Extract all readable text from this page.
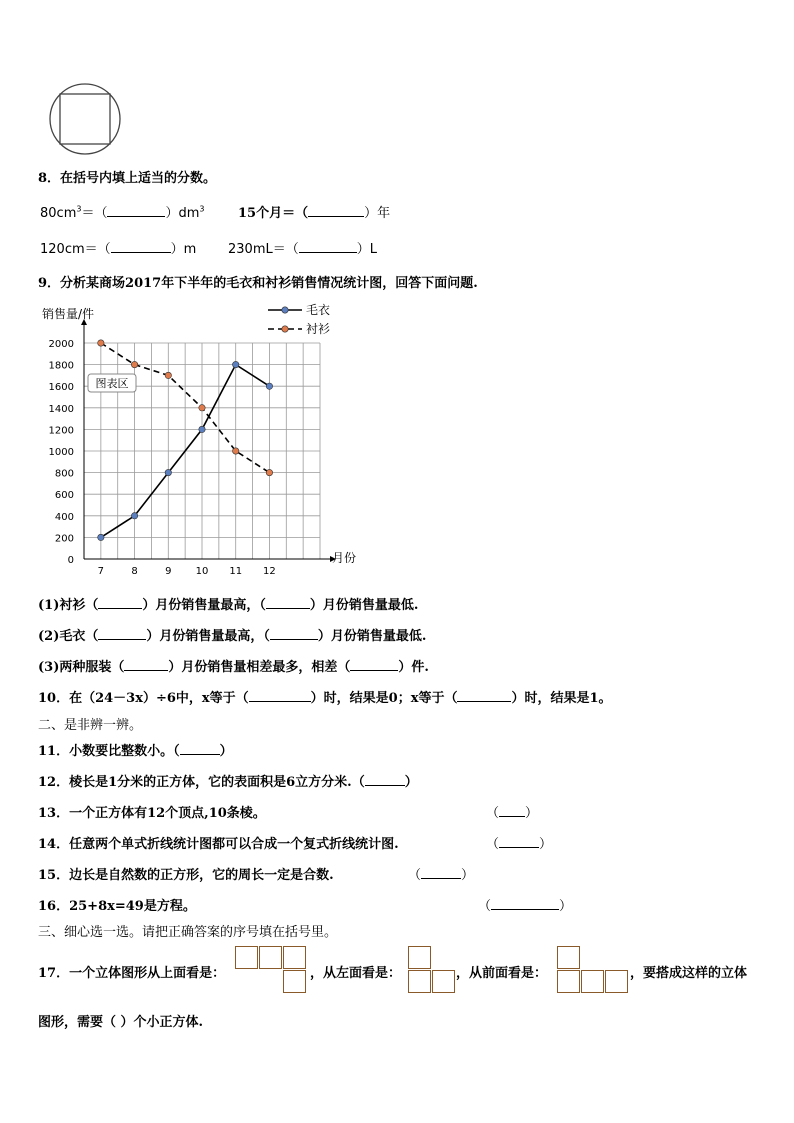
8．在括号内填上适当的分数。
$80cm^3=$（	）$dm^3$	15个月＝（	）年
120cm＝（	）m 230mL＝（	）L
9．分析某商场2017年下半年的毛衣和衬衫销售情况统计图，回答下面问题.
0
200
400
600
800
1000
1200
1400
1600
1800
2000
7	8	9 10 11 12
销售量/件
月份
图表区
毛衣
衬衫
(1)衬衫（	）月份销售量最高，（	）月份销售量最低.
(2)毛衣（	）月份销售量最高，（	）月份销售量最低.
(3)两种服装（	）月份销售量相差最多，相差（	）件.
10．在（24－3x）÷6中，x等于（	）时，结果是0；x等于（	）时，结果是1。
二、是非辨一辨。
11．小数要比整数小。（	）
12．棱长是1分米的正方体，它的表面积是6立方分米.（	）
13．一个正方体有12个顶点,10条棱。	（ ）
14．任意两个单式折线统计图都可以合成一个复式折线统计图.	（	）
15．边长是自然数的正方形，它的周长一定是合数.	（	）
16．25+8x=49是方程。	（	）
三、细心选一选。请把正确答案的序号填在括号里。
17．一个立体图形从上面看是：	，从左面看是：	，从前面看是：	，要搭成这样的立体
图形，需要（ ）个小正方体.
